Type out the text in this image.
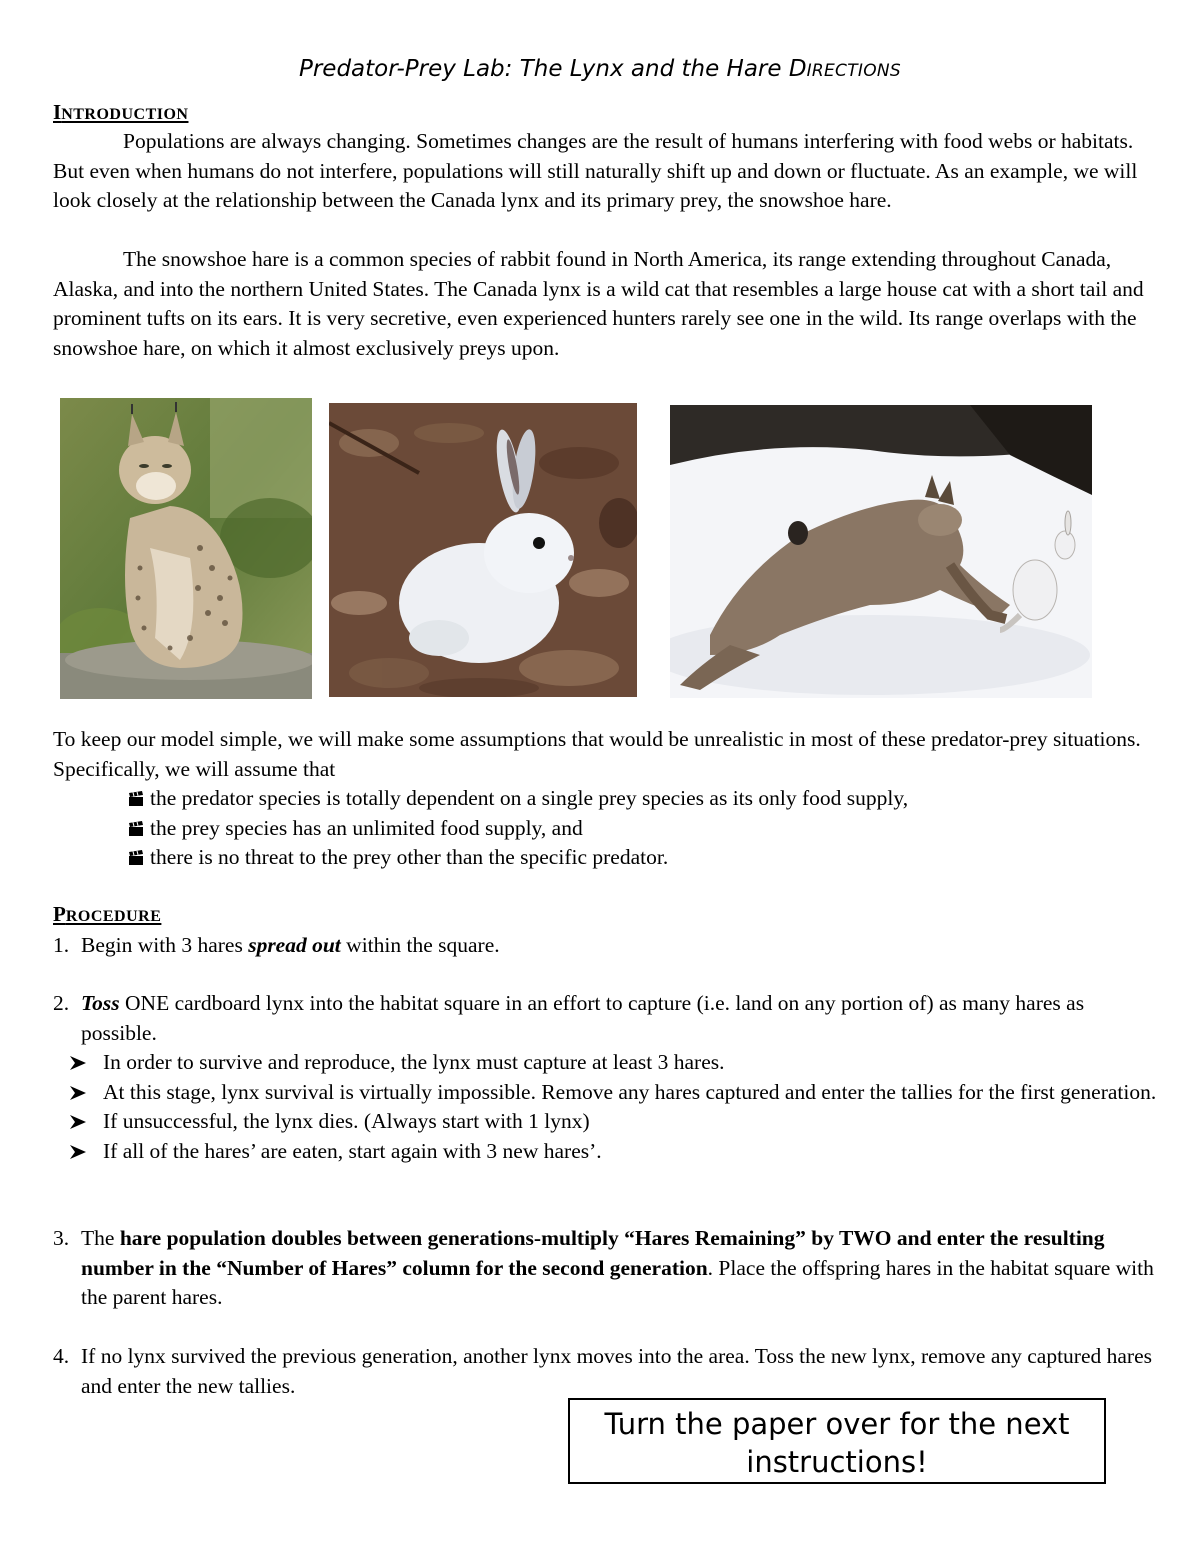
Predator-Prey Lab: The Lynx and the Hare DIRECTIONS
INTRODUCTION
Populations are always changing. Sometimes changes are the result of humans interfering with food webs or habitats. But even when humans do not interfere, populations will still naturally shift up and down or fluctuate. As an example, we will look closely at the relationship between the Canada lynx and its primary prey, the snowshoe hare.
The snowshoe hare is a common species of rabbit found in North America, its range extending throughout Canada, Alaska, and into the northern United States. The Canada lynx is a wild cat that resembles a large house cat with a short tail and prominent tufts on its ears. It is very secretive, even experienced hunters rarely see one in the wild. Its range overlaps with the snowshoe hare, on which it almost exclusively preys upon.
To keep our model simple, we will make some assumptions that would be unrealistic in most of these predator-prey situations. Specifically, we will assume that
the predator species is totally dependent on a single prey species as its only food supply,
the prey species has an unlimited food supply, and
there is no threat to the prey other than the specific predator.
PROCEDURE
1. Begin with 3 hares spread out within the square.
2. Toss ONE cardboard lynx into the habitat square in an effort to capture (i.e. land on any portion of) as many hares as possible.
In order to survive and reproduce, the lynx must capture at least 3 hares.
At this stage, lynx survival is virtually impossible. Remove any hares captured and enter the tallies for the first generation.
If unsuccessful, the lynx dies. (Always start with 1 lynx)
If all of the hares’ are eaten, start again with 3 new hares’.
3. The hare population doubles between generations-multiply “Hares Remaining” by TWO and enter the resulting number in the “Number of Hares” column for the second generation. Place the offspring hares in the habitat square with the parent hares.
4. If no lynx survived the previous generation, another lynx moves into the area. Toss the new lynx, remove any captured hares and enter the new tallies.
Turn the paper over for the next
instructions!
